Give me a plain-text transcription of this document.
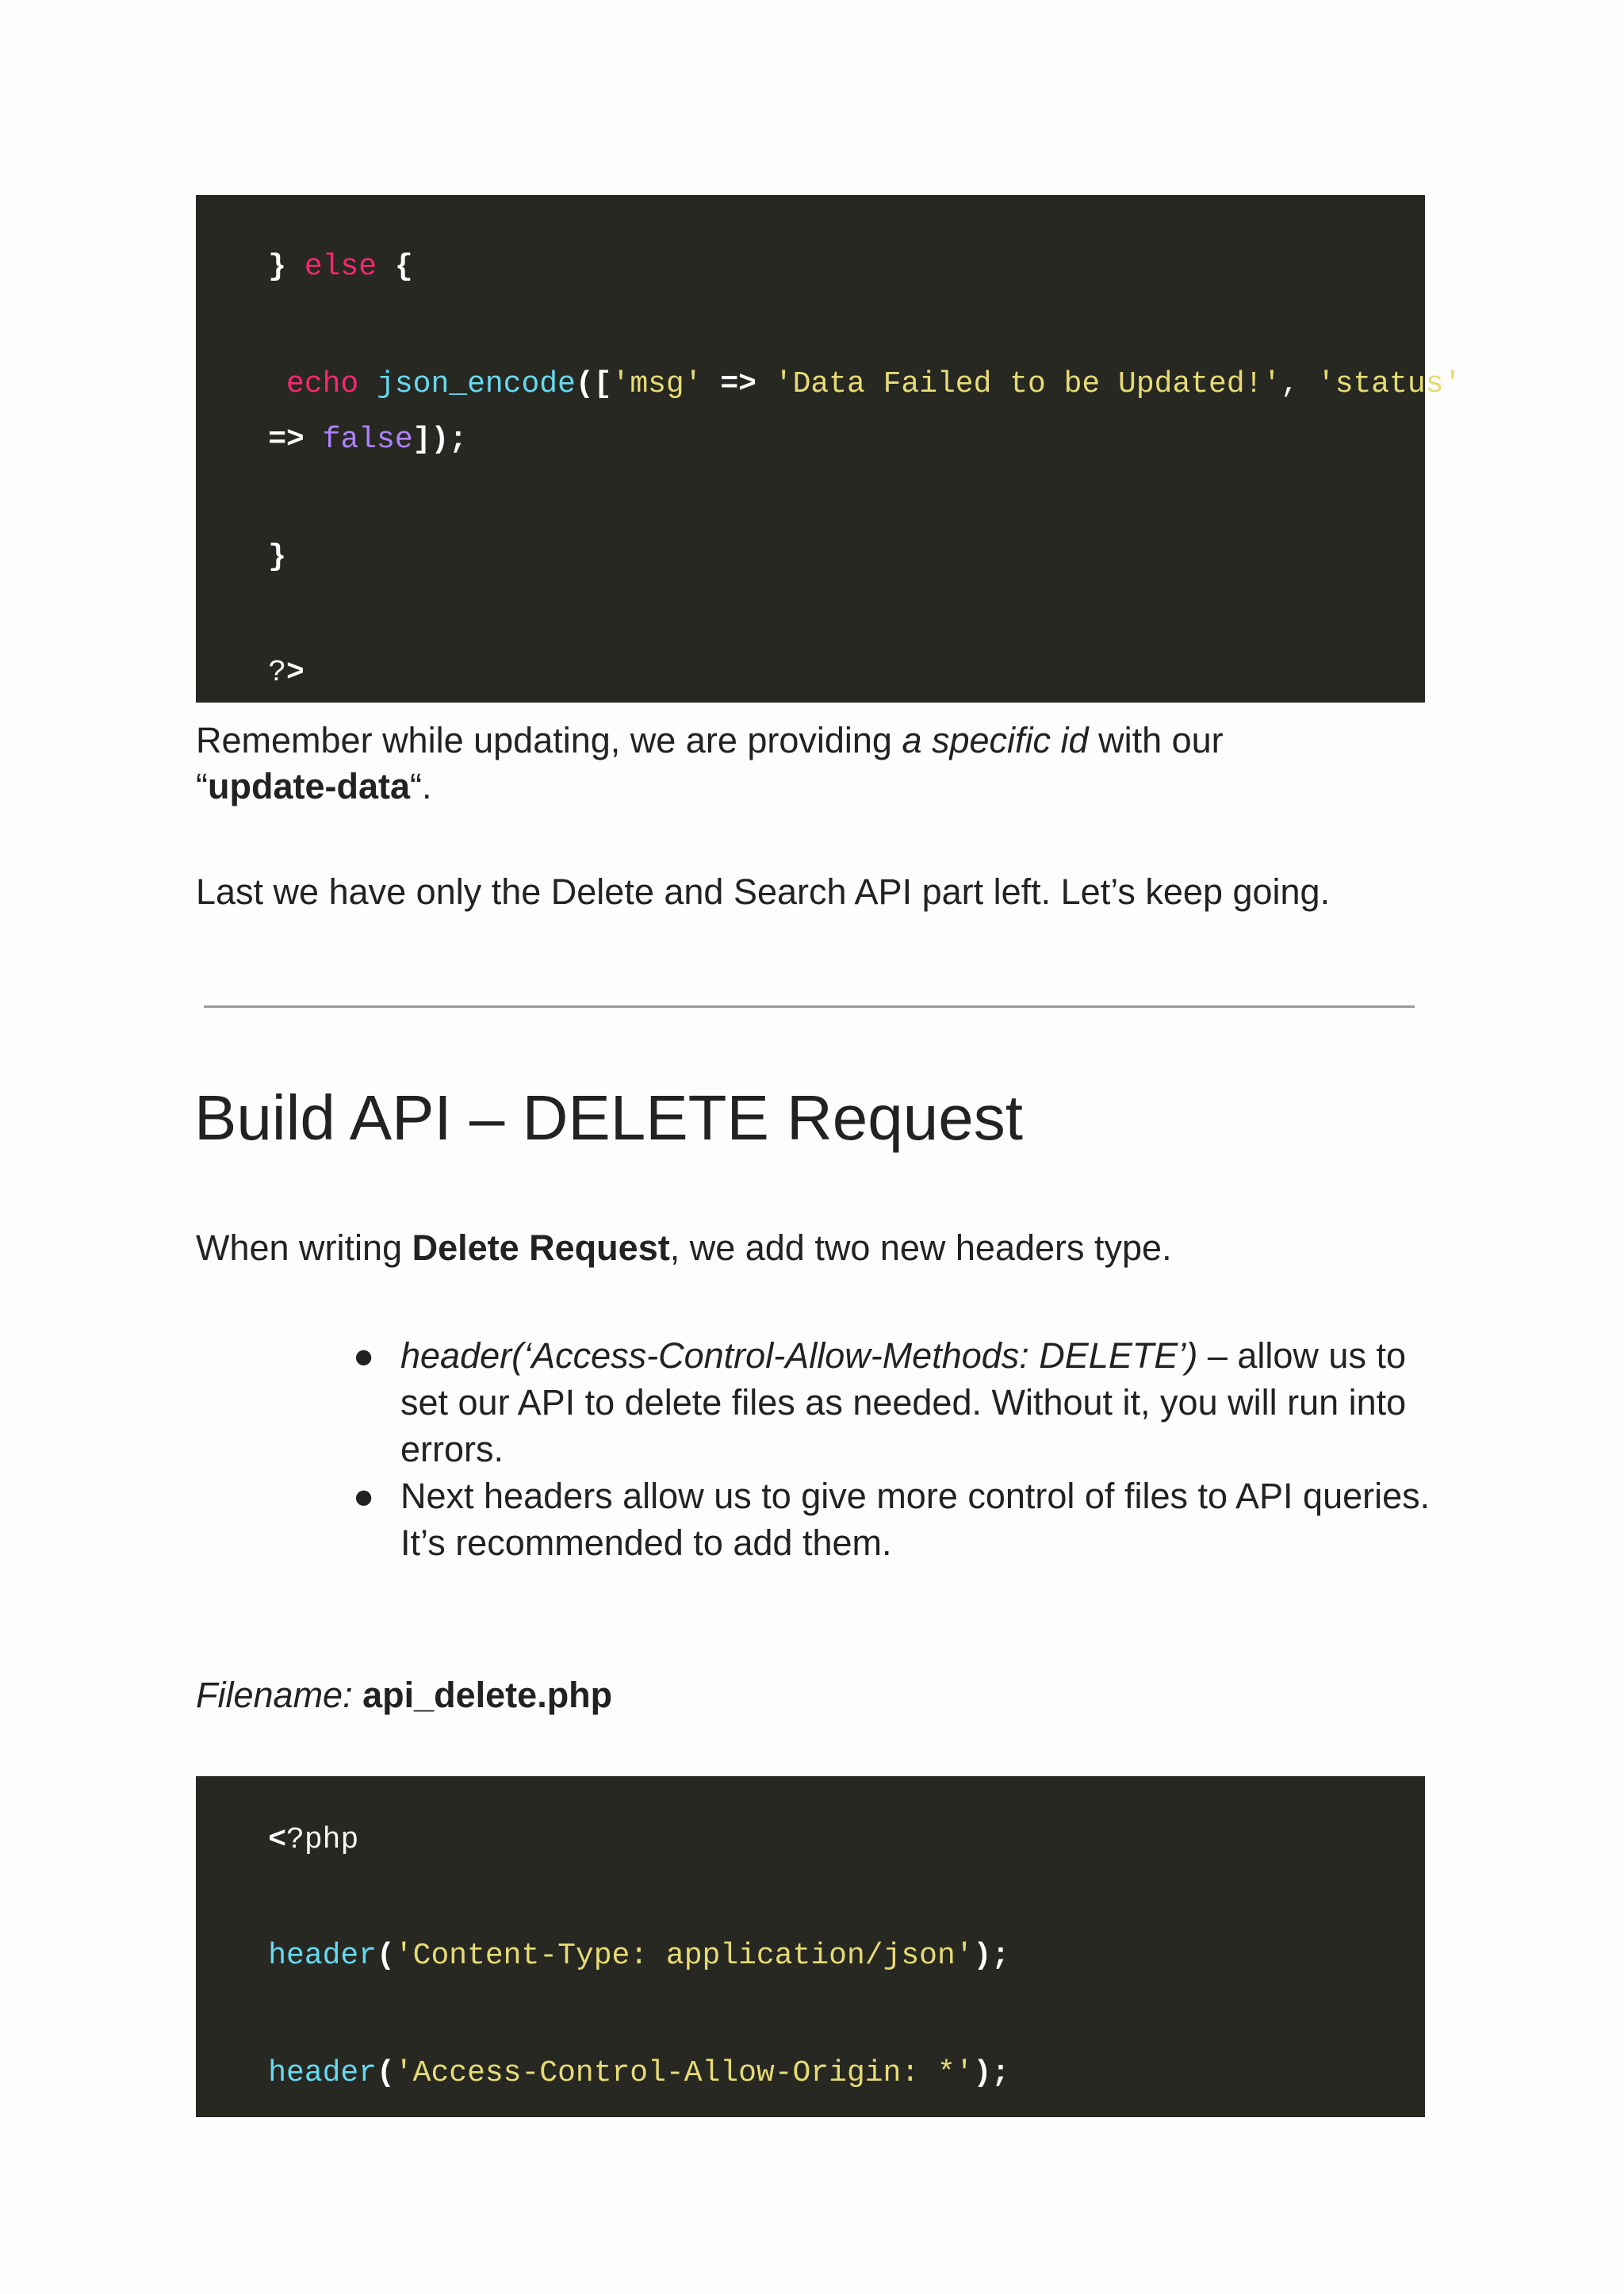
} else {

echo json_encode(['msg' => 'Data Failed to be Updated!', 'status'

=> false]);

}

?>

Remember while updating, we are providing a specific id with our
“update-data“.
Last we have only the Delete and Search API part left. Let’s keep going.
Build API – DELETE Request
When writing Delete Request, we add two new headers type.
● header(‘Access-Control-Allow-Methods: DELETE’) – allow us to set our API to delete files as needed. Without it, you will run into errors.
● Next headers allow us to give more control of files to API queries. It’s recommended to add them.
Filename: api_delete.php

<?php

header('Content-Type: application/json');

header('Access-Control-Allow-Origin: *');
